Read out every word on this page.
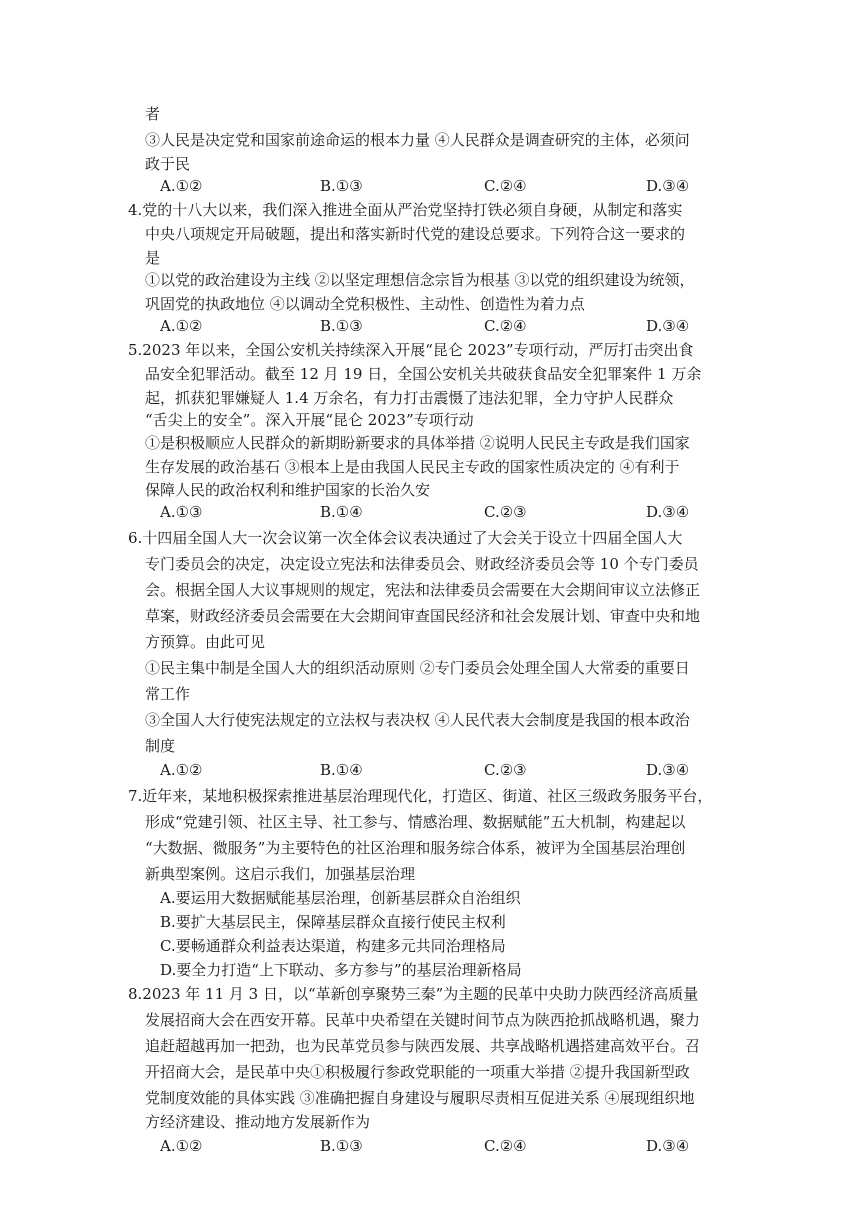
者
③人民是决定党和国家前途命运的根本力量 ④人民群众是调查研究的主体，必须问
政于民
A.①②	B.①③	C.②④	D.③④
4.党的十八大以来，我们深入推进全面从严治党坚持打铁必须自身硬，从制定和落实
中央八项规定开局破题，提出和落实新时代党的建设总要求。下列符合这一要求的
是
①以党的政治建设为主线 ②以坚定理想信念宗旨为根基 ③以党的组织建设为统领，
巩固党的执政地位 ④以调动全党积极性、主动性、创造性为着力点
A.①②	B.①③	C.②④	D.③④
5.2023 年以来，全国公安机关持续深入开展“昆仑 2023”专项行动，严厉打击突出食
品安全犯罪活动。截至 12 月 19 日，全国公安机关共破获食品安全犯罪案件 1 万余
起，抓获犯罪嫌疑人 1.4 万余名，有力打击震慑了违法犯罪，全力守护人民群众
“舌尖上的安全”。深入开展“昆仑 2023”专项行动
①是积极顺应人民群众的新期盼新要求的具体举措 ②说明人民民主专政是我们国家
生存发展的政治基石 ③根本上是由我国人民民主专政的国家性质决定的 ④有利于
保障人民的政治权利和维护国家的长治久安
A.①③	B.①④	C.②③	D.③④
6.十四届全国人大一次会议第一次全体会议表决通过了大会关于设立十四届全国人大
专门委员会的决定，决定设立宪法和法律委员会、财政经济委员会等 10 个专门委员
会。根据全国人大议事规则的规定，宪法和法律委员会需要在大会期间审议立法修正
草案，财政经济委员会需要在大会期间审查国民经济和社会发展计划、审查中央和地
方预算。由此可见
①民主集中制是全国人大的组织活动原则 ②专门委员会处理全国人大常委的重要日
常工作
③全国人大行使宪法规定的立法权与表决权 ④人民代表大会制度是我国的根本政治
制度
A.①②	B.①④	C.②③	D.③④
7.近年来，某地积极探索推进基层治理现代化，打造区、街道、社区三级政务服务平台，
形成“党建引领、社区主导、社工参与、情感治理、数据赋能”五大机制，构建起以
“大数据、微服务”为主要特色的社区治理和服务综合体系，被评为全国基层治理创
新典型案例。这启示我们，加强基层治理
A.要运用大数据赋能基层治理，创新基层群众自治组织
B.要扩大基层民主，保障基层群众直接行使民主权利
C.要畅通群众利益表达渠道，构建多元共同治理格局
D.要全力打造“上下联动、多方参与”的基层治理新格局
8.2023 年 11 月 3 日，以“革新创享聚势三秦”为主题的民革中央助力陕西经济高质量
发展招商大会在西安开幕。民革中央希望在关键时间节点为陕西抢抓战略机遇，聚力
追赶超越再加一把劲，也为民革党员参与陕西发展、共享战略机遇搭建高效平台。召
开招商大会，是民革中央①积极履行参政党职能的一项重大举措 ②提升我国新型政
党制度效能的具体实践 ③准确把握自身建设与履职尽责相互促进关系 ④展现组织地
方经济建设、推动地方发展新作为
A.①②	B.①③	C.②④	D.③④
